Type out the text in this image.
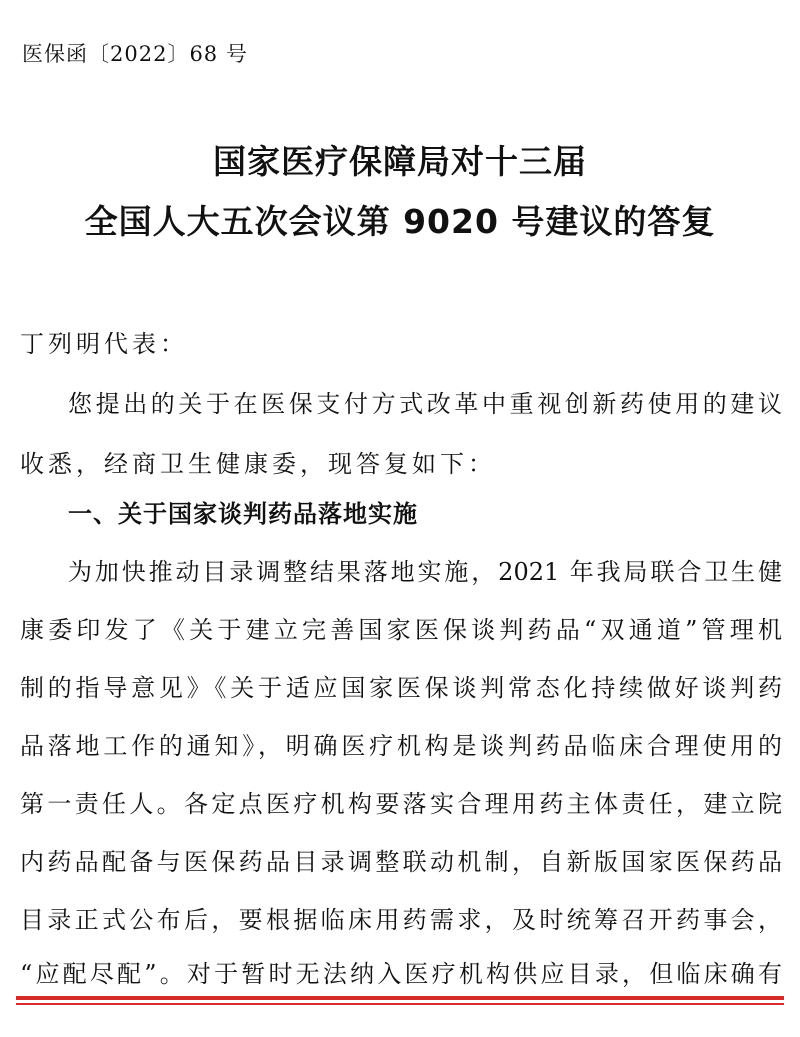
医保函〔2022〕68 号
国家医疗保障局对十三届
全国人大五次会议第 9020 号建议的答复
丁列明代表：
您提出的关于在医保支付方式改革中重视创新药使用的建议
收悉，经商卫生健康委，现答复如下：
一、关于国家谈判药品落地实施
为加快推动目录调整结果落地实施，2021 年我局联合卫生健
康委印发了《关于建立完善国家医保谈判药品“双通道”管理机
制的指导意见》《关于适应国家医保谈判常态化持续做好谈判药
品落地工作的通知》，明确医疗机构是谈判药品临床合理使用的
第一责任人。各定点医疗机构要落实合理用药主体责任，建立院
内药品配备与医保药品目录调整联动机制，自新版国家医保药品
目录正式公布后，要根据临床用药需求，及时统筹召开药事会，
“应配尽配”。对于暂时无法纳入医疗机构供应目录，但临床确有
